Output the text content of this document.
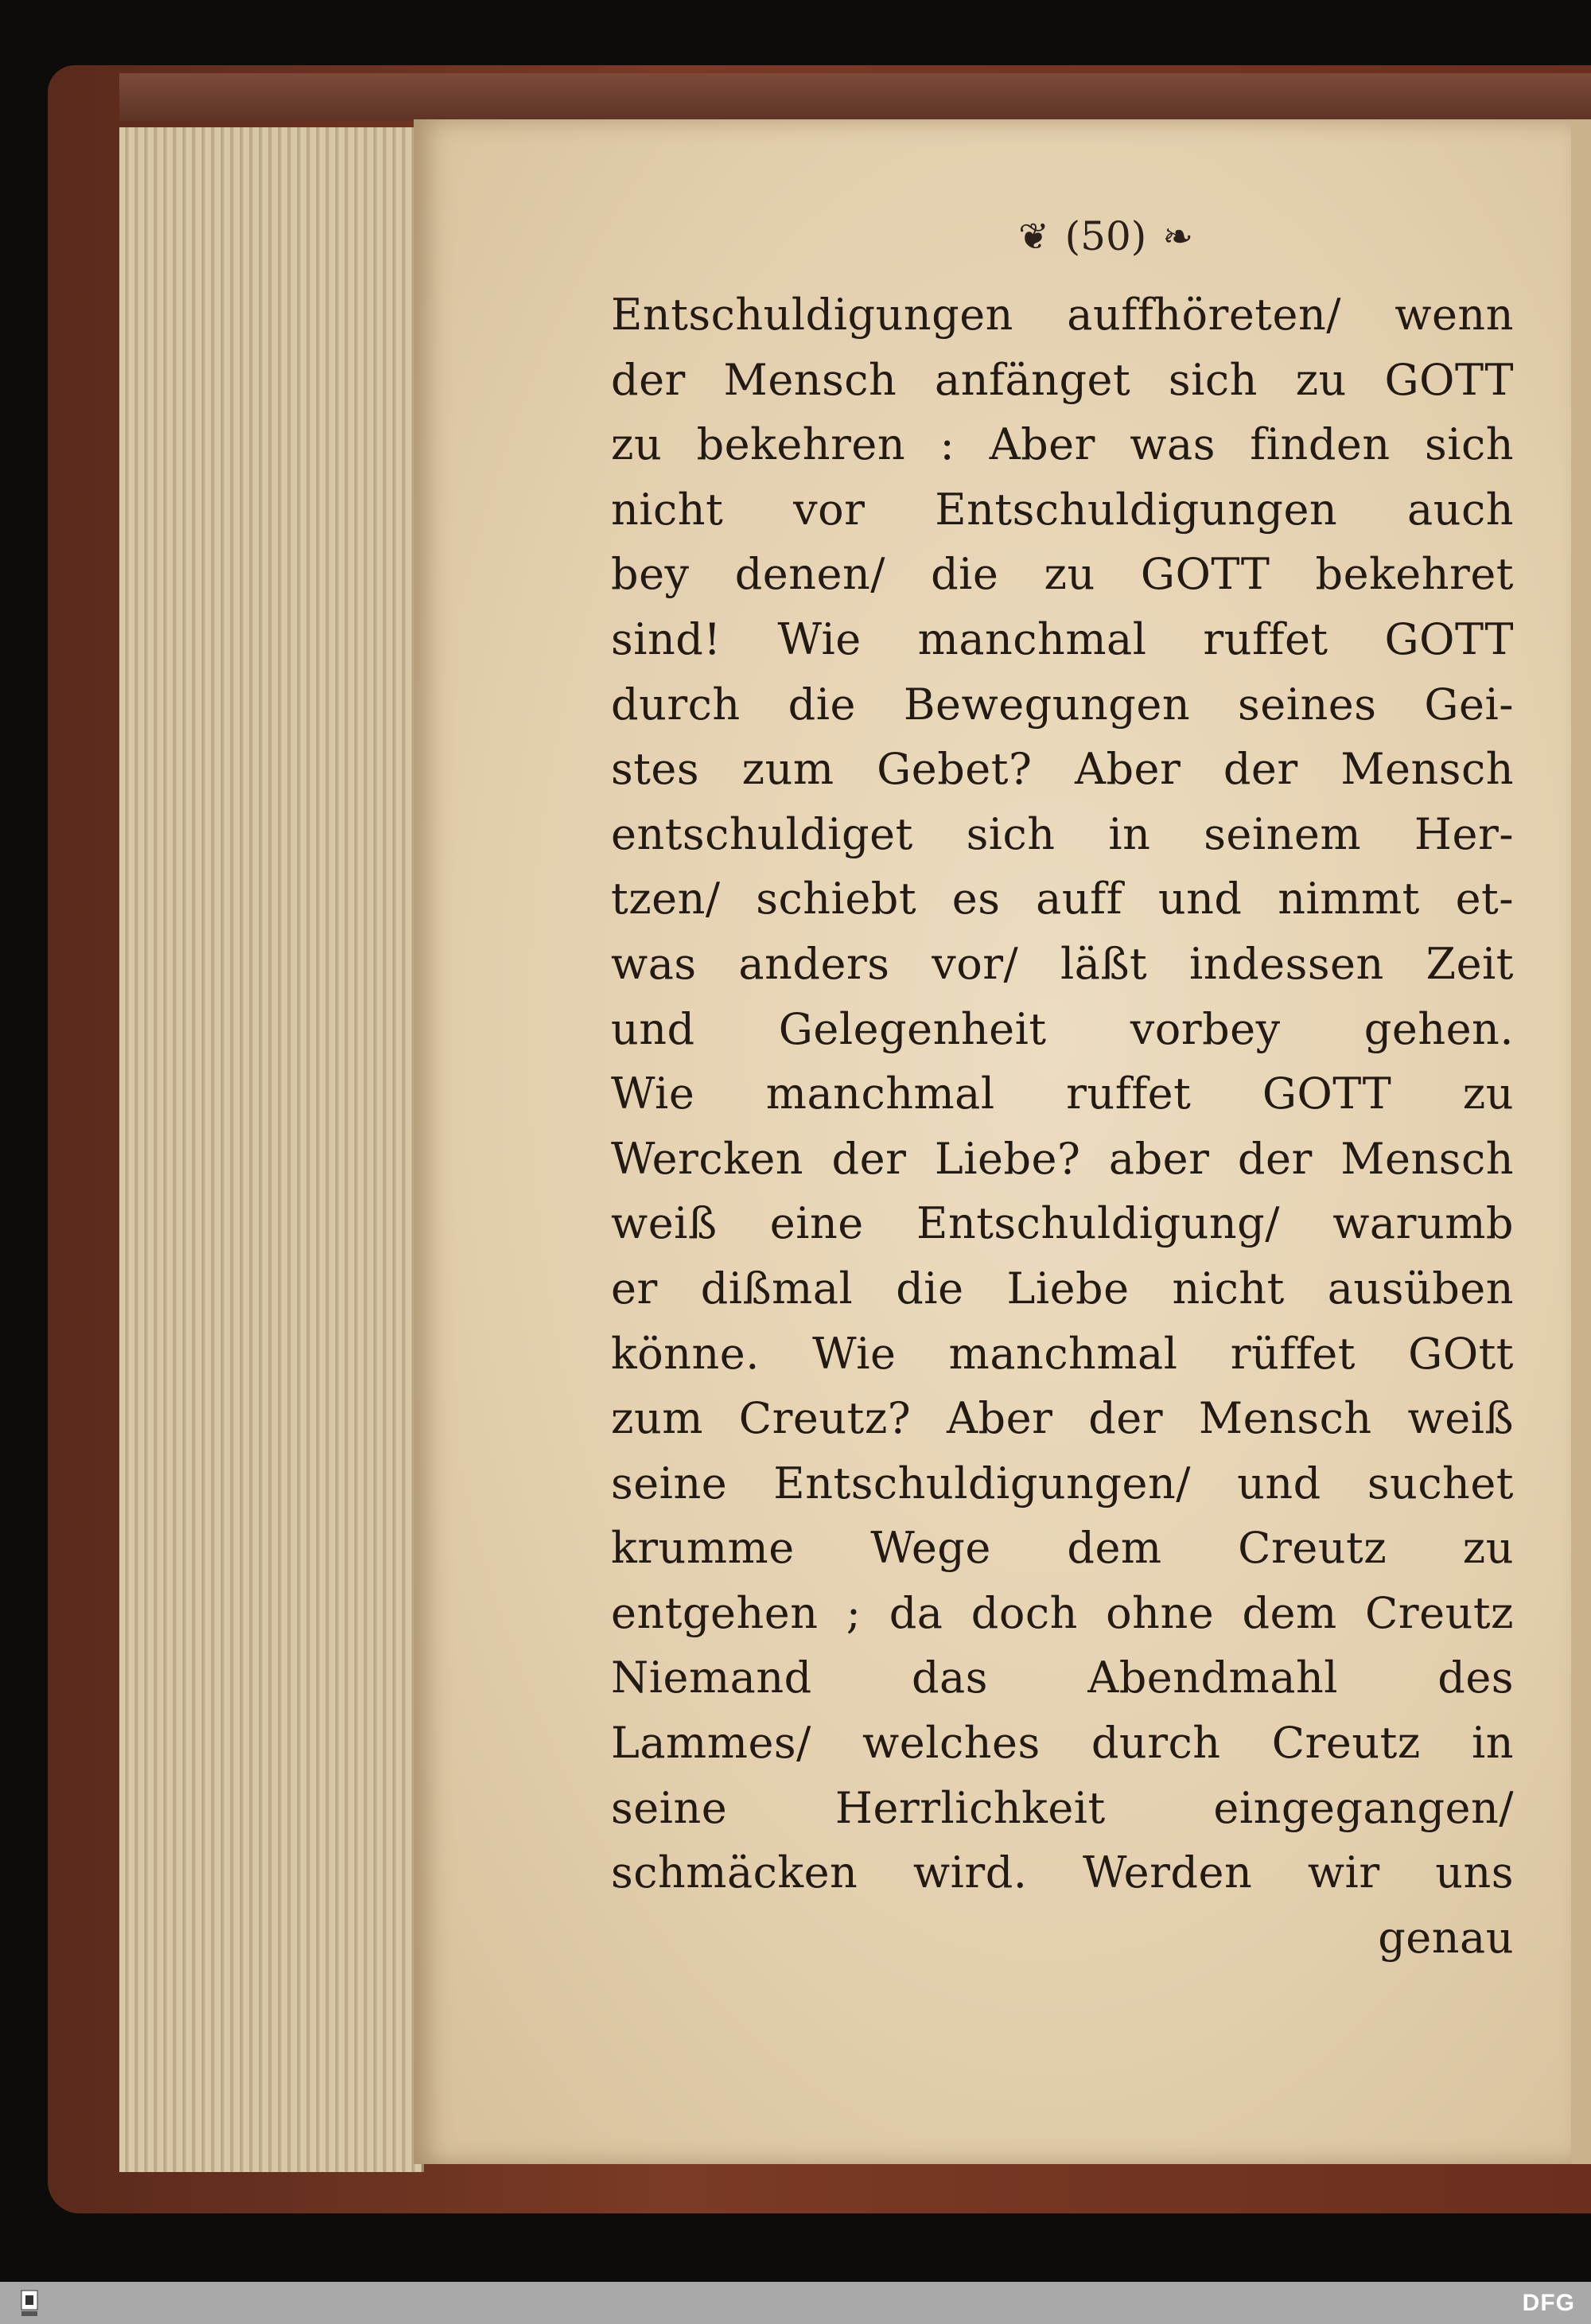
❦ (50) ❧
Entschuldigungen auffhöreten/ wenn
der Mensch anfänget sich zu GOTT
zu bekehren : Aber was finden sich
nicht vor Entschuldigungen auch
bey denen/ die zu GOTT bekehret
sind! Wie manchmal ruffet GOTT
durch die Bewegungen seines Gei-
stes zum Gebet? Aber der Mensch
entschuldiget sich in seinem Her-
tzen/ schiebt es auff und nimmt et-
was anders vor/ läßt indessen Zeit
und Gelegenheit vorbey gehen.
Wie manchmal ruffet GOTT zu
Wercken der Liebe? aber der Mensch
weiß eine Entschuldigung/ warumb
er dißmal die Liebe nicht ausüben
könne. Wie manchmal rüffet GOtt
zum Creutz? Aber der Mensch weiß
seine Entschuldigungen/ und suchet
krumme Wege dem Creutz zu
entgehen ; da doch ohne dem Creutz
Niemand das Abendmahl des
Lammes/ welches durch Creutz in
seine Herrlichkeit eingegangen/
schmäcken wird. Werden wir uns
genau
DFG
